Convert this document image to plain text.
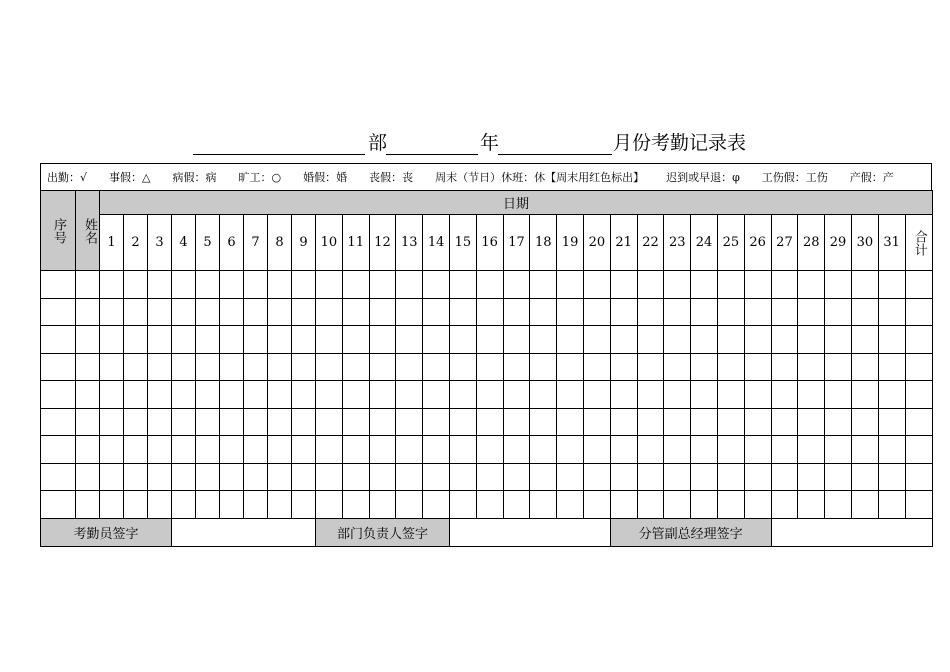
部	年	月份考勤记录表
出勤：√ 事假：△ 病假：病 旷工：○ 婚假：婚 丧假：丧 周末（节日）休班：休【周末用红色标出】 迟到或早退：φ 工伤假：工伤 产假：产
序号	姓名	日期																															
		1	2	3	4	5	6	7	8	9	10	11	12	13	14	15	16	17	18	19	20	21	22	23	24	25	26	27	28	29	30	31	合计

考勤员签字											部门负责人签字											分管副总经理签字											
